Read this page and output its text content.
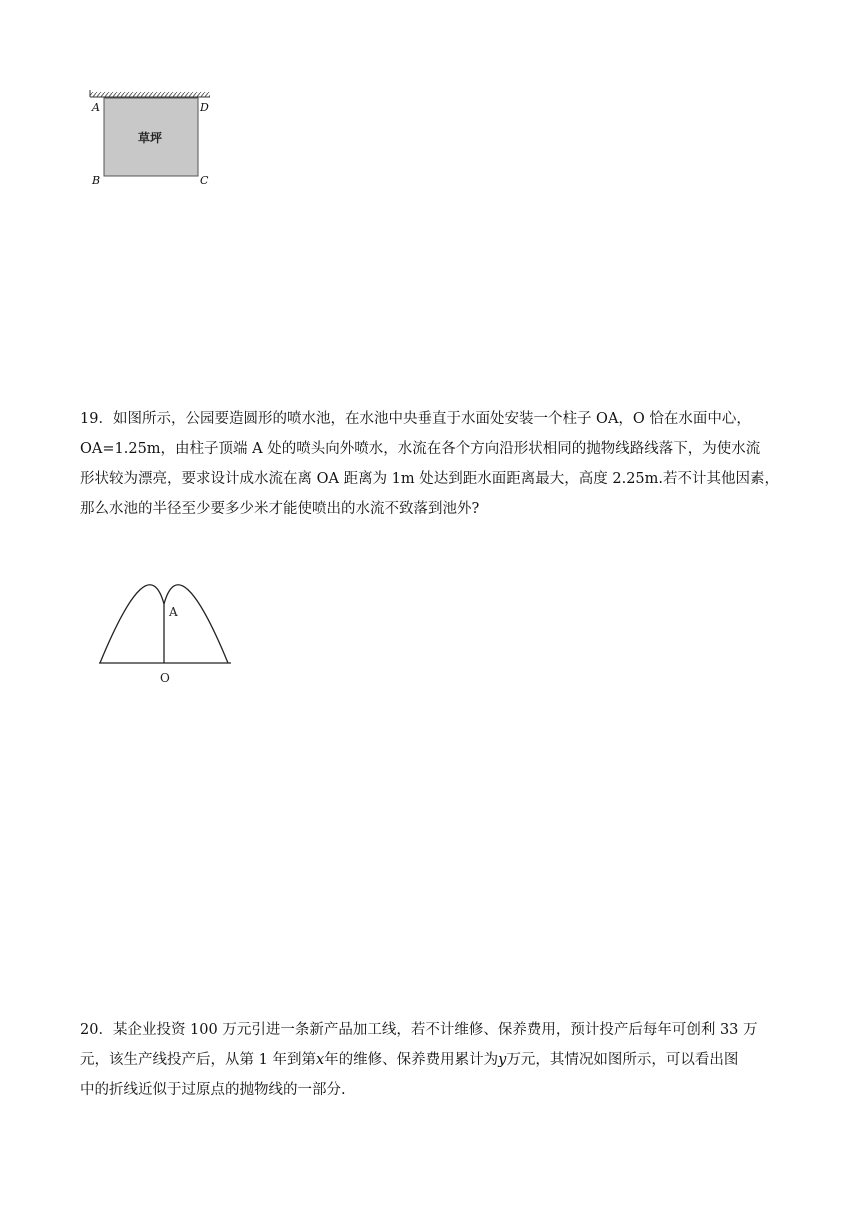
A	D
B	C
草坪
19．如图所示，公园要造圆形的喷水池，在水池中央垂直于水面处安装一个柱子 OA，O 恰在水面中心，
OA=1.25m，由柱子顶端 A 处的喷头向外喷水，水流在各个方向沿形状相同的抛物线路线落下，为使水流
形状较为漂亮，要求设计成水流在离 OA 距离为 1m 处达到距水面距离最大，高度 2.25m.若不计其他因素，
那么水池的半径至少要多少米才能使喷出的水流不致落到池外?
A
O
20．某企业投资 100 万元引进一条新产品加工线，若不计维修、保养费用，预计投产后每年可创利 33 万
元，该生产线投产后，从第 1 年到第x年的维修、保养费用累计为y万元，其情况如图所示，可以看出图
中的折线近似于过原点的抛物线的一部分.
